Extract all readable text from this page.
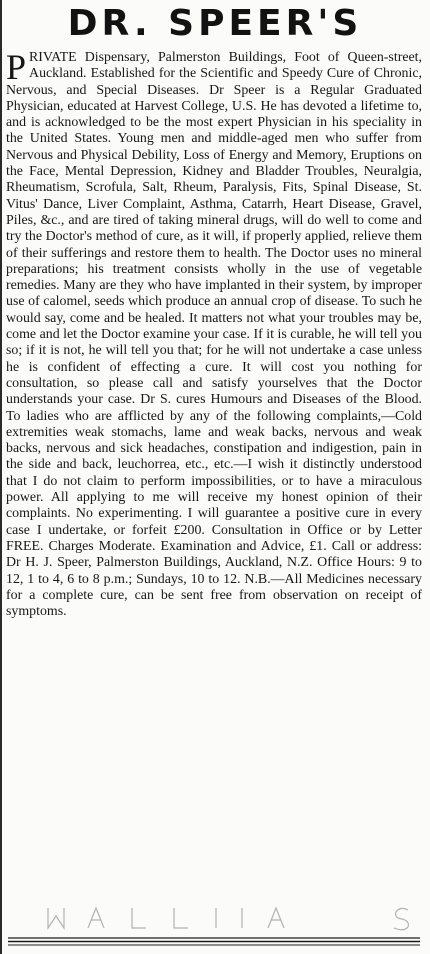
DR. SPEER'S
PRIVATE Dispensary, Palmerston Buildings, Foot of Queen-street, Auckland. Established for the Scientific and Speedy Cure of Chronic, Nervous, and Special Diseases. Dr Speer is a Regular Graduated Physician, educated at Harvest College, U.S. He has devoted a lifetime to, and is acknowledged to be the most expert Physician in his speciality in the United States. Young men and middle-aged men who suffer from Nervous and Physical Debility, Loss of Energy and Memory, Eruptions on the Face, Mental Depression, Kidney and Bladder Troubles, Neuralgia, Rheumatism, Scrofula, Salt, Rheum, Paralysis, Fits, Spinal Disease, St. Vitus' Dance, Liver Complaint, Asthma, Catarrh, Heart Disease, Gravel, Piles, &c., and are tired of taking mineral drugs, will do well to come and try the Doctor's method of cure, as it will, if properly applied, relieve them of their sufferings and restore them to health. The Doctor uses no mineral preparations; his treatment consists wholly in the use of vegetable remedies. Many are they who have implanted in their system, by improper use of calomel, seeds which produce an annual crop of disease. To such he would say, come and be healed. It matters not what your troubles may be, come and let the Doctor examine your case. If it is curable, he will tell you so; if it is not, he will tell you that; for he will not undertake a case unless he is confident of effecting a cure. It will cost you nothing for consultation, so please call and satisfy yourselves that the Doctor understands your case. Dr S. cures Humours and Diseases of the Blood. To ladies who are afflicted by any of the following complaints,—Cold extremities weak stomachs, lame and weak backs, nervous and weak backs, nervous and sick headaches, constipation and indigestion, pain in the side and back, leuchorrea, etc., etc.—I wish it distinctly understood that I do not claim to perform impossibilities, or to have a miraculous power. All applying to me will receive my honest opinion of their complaints. No experimenting. I will guarantee a positive cure in every case I undertake, or forfeit £200. Consultation in Office or by Letter FREE. Charges Moderate. Examination and Advice, £1. Call or address: Dr H. J. Speer, Palmerston Buildings, Auckland, N.Z. Office Hours: 9 to 12, 1 to 4, 6 to 8 p.m.; Sundays, 10 to 12. N.B.—All Medicines necessary for a complete cure, can be sent free from observation on receipt of symptoms.
